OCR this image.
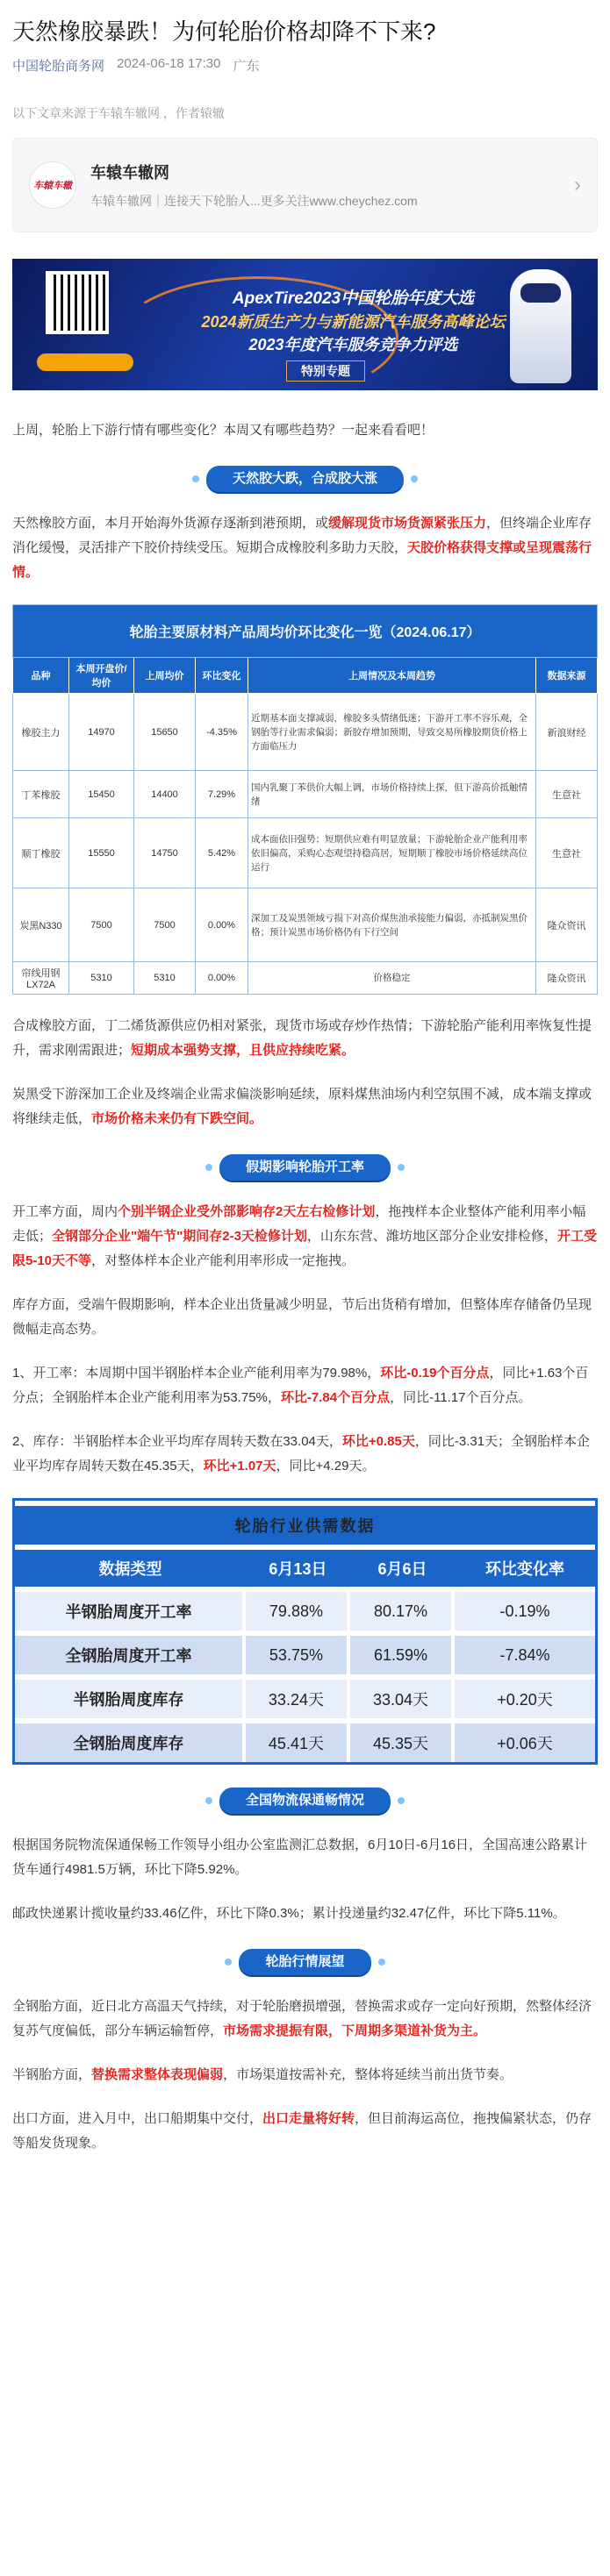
天然橡胶暴跌！为何轮胎价格却降不下来?
中国轮胎商务网 2024-06-18 17:30 广东
以下文章来源于车辕车辙网 ，作者辕辙
车辕车辙
车辕车辙网
车辕车辙网｜连接天下轮胎人...更多关注www.cheychez.com
›
ApexTire2023中国轮胎年度大选
2024新质生产力与新能源汽车服务高峰论坛
2023年度汽车服务竞争力评选
特别专题

上周，轮胎上下游行情有哪些变化？本周又有哪些趋势？一起来看看吧！

天然胶大跌，合成胶大涨

天然橡胶方面，本月开始海外货源存逐渐到港预期，或缓解现货市场货源紧张压力，但终端企业库存消化缓慢，灵活排产下胶价持续受压。短期合成橡胶利多助力天胶，天胶价格获得支撑或呈现震荡行情。

轮胎主要原材料产品周均价环比变化一览（2024.06.17）					
品种	本周开盘价/均价	上周均价	环比变化	上周情况及本周趋势	数据来源
橡胶主力	14970	15650	-4.35%	近期基本面支撑减弱，橡胶多头情绪低迷；下游开工率不容乐观，全钢胎等行业需求偏弱；新胶存增加预期，导致交易所橡胶期货价格上方面临压力	新浪财经
丁苯橡胶	15450	14400	7.29%	国内乳聚丁苯供价大幅上调，市场价格持续上探，但下游高价抵触情绪	生意社
顺丁橡胶	15550	14750	5.42%	成本面依旧强势；短期供应难有明显放量；下游轮胎企业产能利用率依旧偏高，采购心态观望持稳高居，短期顺丁橡胶市场价格延续高位运行	生意社
炭黑N330	7500	7500	0.00%	深加工及炭黑领域亏损下对高价煤焦油承接能力偏弱，亦抵制炭黑价格；预计炭黑市场价格仍有下行空间	隆众资讯
帘线用钢LX72A	5310	5310	0.00%	价格稳定	隆众资讯

合成橡胶方面，丁二烯货源供应仍相对紧张，现货市场或存炒作热情；下游轮胎产能利用率恢复性提升，需求刚需跟进；短期成本强势支撑，且供应持续吃紧。

炭黑受下游深加工企业及终端企业需求偏淡影响延续，原料煤焦油场内利空氛围不减，成本端支撑或将继续走低，市场价格未来仍有下跌空间。

假期影响轮胎开工率

开工率方面，周内个别半钢企业受外部影响存2天左右检修计划，拖拽样本企业整体产能利用率小幅走低；全钢部分企业"端午节"期间存2-3天检修计划，山东东营、潍坊地区部分企业安排检修，开工受限5-10天不等，对整体样本企业产能利用率形成一定拖拽。

库存方面，受端午假期影响，样本企业出货量减少明显，节后出货稍有增加，但整体库存储备仍呈现微幅走高态势。

1、开工率：本周期中国半钢胎样本企业产能利用率为79.98%，环比-0.19个百分点，同比+1.63个百分点；全钢胎样本企业产能利用率为53.75%，环比-7.84个百分点，同比-11.17个百分点。

2、库存：半钢胎样本企业平均库存周转天数在33.04天，环比+0.85天，同比-3.31天；全钢胎样本企业平均库存周转天数在45.35天，环比+1.07天，同比+4.29天。

轮胎行业供需数据			
数据类型	6月13日	6月6日	环比变化率
半钢胎周度开工率	79.88%	80.17%	-0.19%
全钢胎周度开工率	53.75%	61.59%	-7.84%
半钢胎周度库存	33.24天	33.04天	+0.20天
全钢胎周度库存	45.41天	45.35天	+0.06天
全国物流保通畅情况

根据国务院物流保通保畅工作领导小组办公室监测汇总数据，6月10日-6月16日，全国高速公路累计货车通行4981.5万辆，环比下降5.92%。

邮政快递累计揽收量约33.46亿件，环比下降0.3%；累计投递量约32.47亿件，环比下降5.11%。

轮胎行情展望

全钢胎方面，近日北方高温天气持续，对于轮胎磨损增强，替换需求或存一定向好预期，然整体经济复苏气度偏低，部分车辆运输暂停，市场需求提振有限，下周期多渠道补货为主。

半钢胎方面，替换需求整体表现偏弱，市场渠道按需补充，整体将延续当前出货节奏。

出口方面，进入月中，出口船期集中交付，出口走量将好转，但目前海运高位，拖拽偏紧状态，仍存等船发货现象。
